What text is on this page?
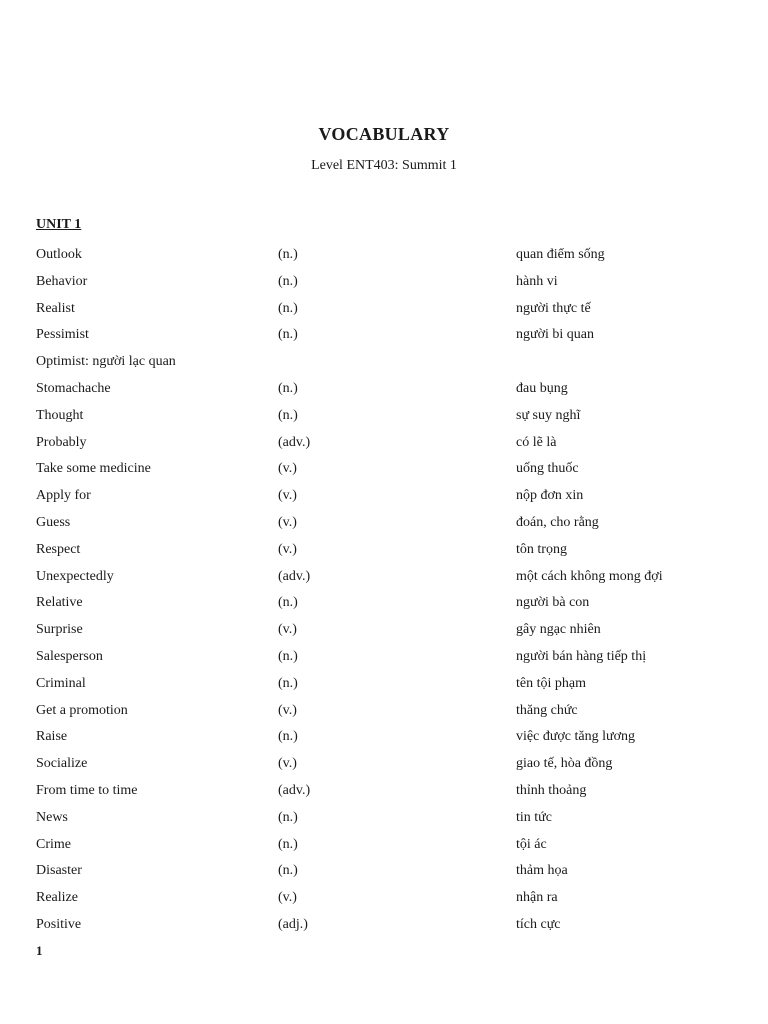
VOCABULARY
Level ENT403: Summit 1
UNIT 1
Outlook	(n.)	quan điểm sống
Behavior	(n.)	hành vi
Realist	(n.)	người thực tế
Pessimist	(n.)	người bi quan
Optimist: người lạc quan
Stomachache	(n.)	đau bụng
Thought	(n.)	sự suy nghĩ
Probably	(adv.)	có lẽ là
Take some medicine	(v.)	uống thuốc
Apply for	(v.)	nộp đơn xin
Guess	(v.)	đoán, cho rằng
Respect	(v.)	tôn trọng
Unexpectedly	(adv.)	một cách không mong đợi
Relative	(n.)	người bà con
Surprise	(v.)	gây ngạc nhiên
Salesperson	(n.)	người bán hàng tiếp thị
Criminal	(n.)	tên tội phạm
Get a promotion	(v.)	thăng chức
Raise	(n.)	việc được tăng lương
Socialize	(v.)	giao tế, hòa đồng
From time to time	(adv.)	thỉnh thoảng
News	(n.)	tin tức
Crime	(n.)	tội ác
Disaster	(n.)	thảm họa
Realize	(v.)	nhận ra
Positive	(adj.)	tích cực
1
